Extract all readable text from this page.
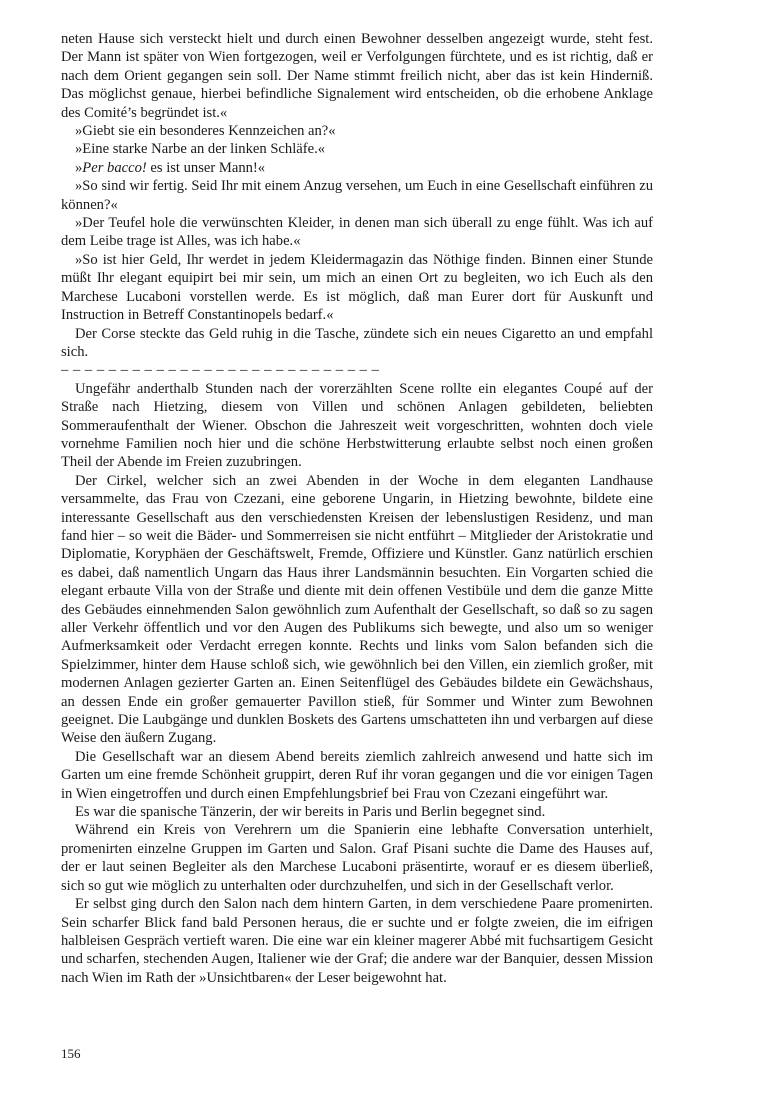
neten Hause sich versteckt hielt und durch einen Bewohner desselben angezeigt wurde, steht fest. Der Mann ist später von Wien fortgezogen, weil er Verfolgungen fürchtete, und es ist richtig, daß er nach dem Orient gegangen sein soll. Der Name stimmt freilich nicht, aber das ist kein Hinderniß. Das möglichst genaue, hierbei befindliche Signalement wird entscheiden, ob die erhobene Anklage des Comité’s begründet ist.«

»Giebt sie ein besonderes Kennzeichen an?«

»Eine starke Narbe an der linken Schläfe.«

»Per bacco! es ist unser Mann!«

»So sind wir fertig. Seid Ihr mit einem Anzug versehen, um Euch in eine Gesellschaft einführen zu können?«

»Der Teufel hole die verwünschten Kleider, in denen man sich überall zu enge fühlt. Was ich auf dem Leibe trage ist Alles, was ich habe.«

»So ist hier Geld, Ihr werdet in jedem Kleidermagazin das Nöthige finden. Binnen einer Stunde müßt Ihr elegant equipirt bei mir sein, um mich an einen Ort zu begleiten, wo ich Euch als den Marchese Lucaboni vorstellen werde. Es ist möglich, daß man Eurer dort für Auskunft und Instruction in Betreff Constantinopels bedarf.«

Der Corse steckte das Geld ruhig in die Tasche, zündete sich ein neues Cigaretto an und empfahl sich.

– – – – – – – – – – – – – – – – – – – – – – – – – – –

Ungefähr anderthalb Stunden nach der vorerzählten Scene rollte ein elegantes Coupé auf der Straße nach Hietzing, diesem von Villen und schönen Anlagen gebildeten, beliebten Sommeraufenthalt der Wiener. Obschon die Jahreszeit weit vorgeschritten, wohnten doch viele vornehme Familien noch hier und die schöne Herbstwitterung erlaubte selbst noch einen großen Theil der Abende im Freien zuzubringen.

Der Cirkel, welcher sich an zwei Abenden in der Woche in dem eleganten Landhause versammelte, das Frau von Czezani, eine geborene Ungarin, in Hietzing bewohnte, bildete eine interessante Gesellschaft aus den verschiedensten Kreisen der lebenslustigen Residenz, und man fand hier – so weit die Bäder- und Sommerreisen sie nicht entführt – Mitglieder der Aristokratie und Diplomatie, Koryphäen der Geschäftswelt, Fremde, Offiziere und Künstler. Ganz natürlich erschien es dabei, daß namentlich Ungarn das Haus ihrer Landsmännin besuchten. Ein Vorgarten schied die elegant erbaute Villa von der Straße und diente mit dein offenen Vestibüle und dem die ganze Mitte des Gebäudes einnehmenden Salon gewöhnlich zum Aufenthalt der Gesellschaft, so daß so zu sagen aller Verkehr öffentlich und vor den Augen des Publikums sich bewegte, und also um so weniger Aufmerksamkeit oder Verdacht erregen konnte. Rechts und links vom Salon befanden sich die Spielzimmer, hinter dem Hause schloß sich, wie gewöhnlich bei den Villen, ein ziemlich großer, mit modernen Anlagen gezierter Garten an. Einen Seitenflügel des Gebäudes bildete ein Gewächshaus, an dessen Ende ein großer gemauerter Pavillon stieß, für Sommer und Winter zum Bewohnen geeignet. Die Laubgänge und dunklen Boskets des Gartens umschatteten ihn und verbargen auf diese Weise den äußern Zugang.

Die Gesellschaft war an diesem Abend bereits ziemlich zahlreich anwesend und hatte sich im Garten um eine fremde Schönheit gruppirt, deren Ruf ihr voran gegangen und die vor einigen Tagen in Wien eingetroffen und durch einen Empfehlungsbrief bei Frau von Czezani eingeführt war.

Es war die spanische Tänzerin, der wir bereits in Paris und Berlin begegnet sind.

Während ein Kreis von Verehrern um die Spanierin eine lebhafte Conversation unterhielt, promenirten einzelne Gruppen im Garten und Salon. Graf Pisani suchte die Dame des Hauses auf, der er laut seinen Begleiter als den Marchese Lucaboni präsentirte, worauf er es diesem überließ, sich so gut wie möglich zu unterhalten oder durchzuhelfen, und sich in der Gesellschaft verlor.

Er selbst ging durch den Salon nach dem hintern Garten, in dem verschiedene Paare promenirten. Sein scharfer Blick fand bald Personen heraus, die er suchte und er folgte zweien, die im eifrigen halbleisen Gespräch vertieft waren. Die eine war ein kleiner magerer Abbé mit fuchsartigem Gesicht und scharfen, stechenden Augen, Italiener wie der Graf; die andere war der Banquier, dessen Mission nach Wien im Rath der »Unsichtbaren« der Leser beigewohnt hat.

156
